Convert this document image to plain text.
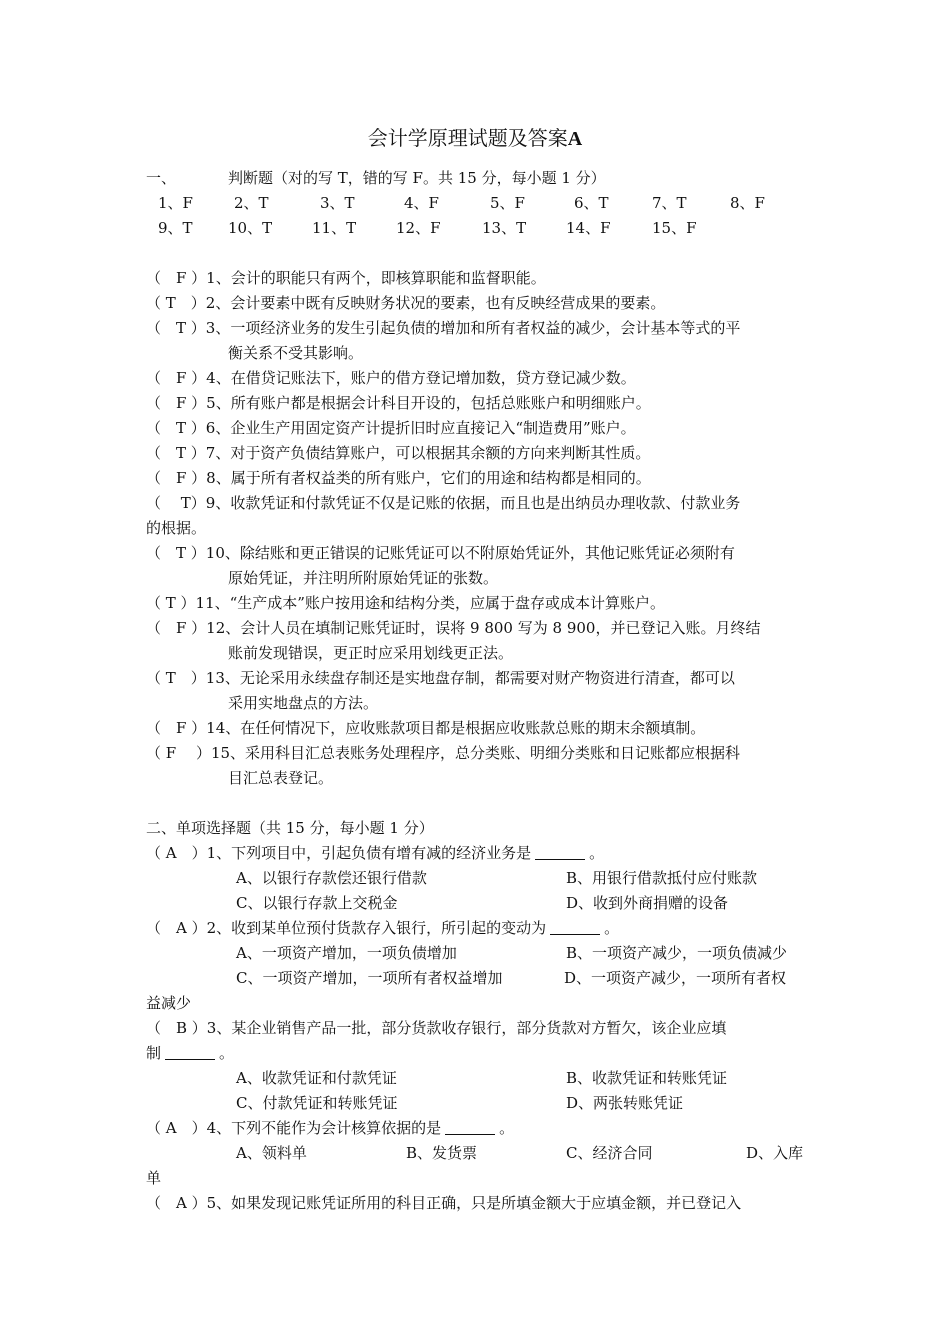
会计学原理试题及答案A
一、	判断题（对的写 T，错的写 F。共 15 分，每小题 1 分）
1、F	2、T	3、T	4、F	5、F	6、T	7、T	8、F
9、T 10、T	11、T	12、F	13、T	14、F	15、F
（　F ）1、会计的职能只有两个，即核算职能和监督职能。
（ T　）2、会计要素中既有反映财务状况的要素，也有反映经营成果的要素。
（　T ）3、一项经济业务的发生引起负债的增加和所有者权益的减少，会计基本等式的平
衡关系不受其影响。
（　F ）4、在借贷记账法下，账户的借方登记增加数，贷方登记减少数。
（　F ）5、所有账户都是根据会计科目开设的，包括总账账户和明细账户。
（　T ）6、企业生产用固定资产计提折旧时应直接记入“制造费用”账户。
（　T ）7、对于资产负债结算账户，可以根据其余额的方向来判断其性质。
（　F ）8、属于所有者权益类的所有账户，它们的用途和结构都是相同的。
（　 T）9、收款凭证和付款凭证不仅是记账的依据，而且也是出纳员办理收款、付款业务
的根据。
（　T ）10、除结账和更正错误的记账凭证可以不附原始凭证外，其他记账凭证必须附有
原始凭证，并注明所附原始凭证的张数。
（ T ）11、“生产成本”账户按用途和结构分类，应属于盘存或成本计算账户。
（　F ）12、会计人员在填制记账凭证时，误将 9 800 写为 8 900，并已登记入账。月终结
账前发现错误，更正时应采用划线更正法。
（ T　）13、无论采用永续盘存制还是实地盘存制，都需要对财产物资进行清查，都可以
采用实地盘点的方法。
（　F ）14、在任何情况下，应收账款项目都是根据应收账款总账的期末余额填制。
（ F　 ）15、采用科目汇总表账务处理程序，总分类账、明细分类账和日记账都应根据科
目汇总表登记。
二、单项选择题（共 15 分，每小题 1 分）
（ A　）1、下列项目中，引起负债有增有减的经济业务是	。
A、以银行存款偿还银行借款	B、用银行借款抵付应付账款
C、以银行存款上交税金	D、收到外商捐赠的设备
（　A ）2、收到某单位预付货款存入银行，所引起的变动为	。
A、一项资产增加，一项负债增加	B、一项资产减少，一项负债减少
C、一项资产增加，一项所有者权益增加	D、一项资产减少，一项所有者权
益减少
（　B ）3、某企业销售产品一批，部分货款收存银行，部分货款对方暂欠，该企业应填
制	。
A、收款凭证和付款凭证	B、收款凭证和转账凭证
C、付款凭证和转账凭证	D、两张转账凭证
（ A　）4、下列不能作为会计核算依据的是	。
A、领料单	B、发货票	C、经济合同	D、入库
单
（　A ）5、如果发现记账凭证所用的科目正确，只是所填金额大于应填金额，并已登记入
